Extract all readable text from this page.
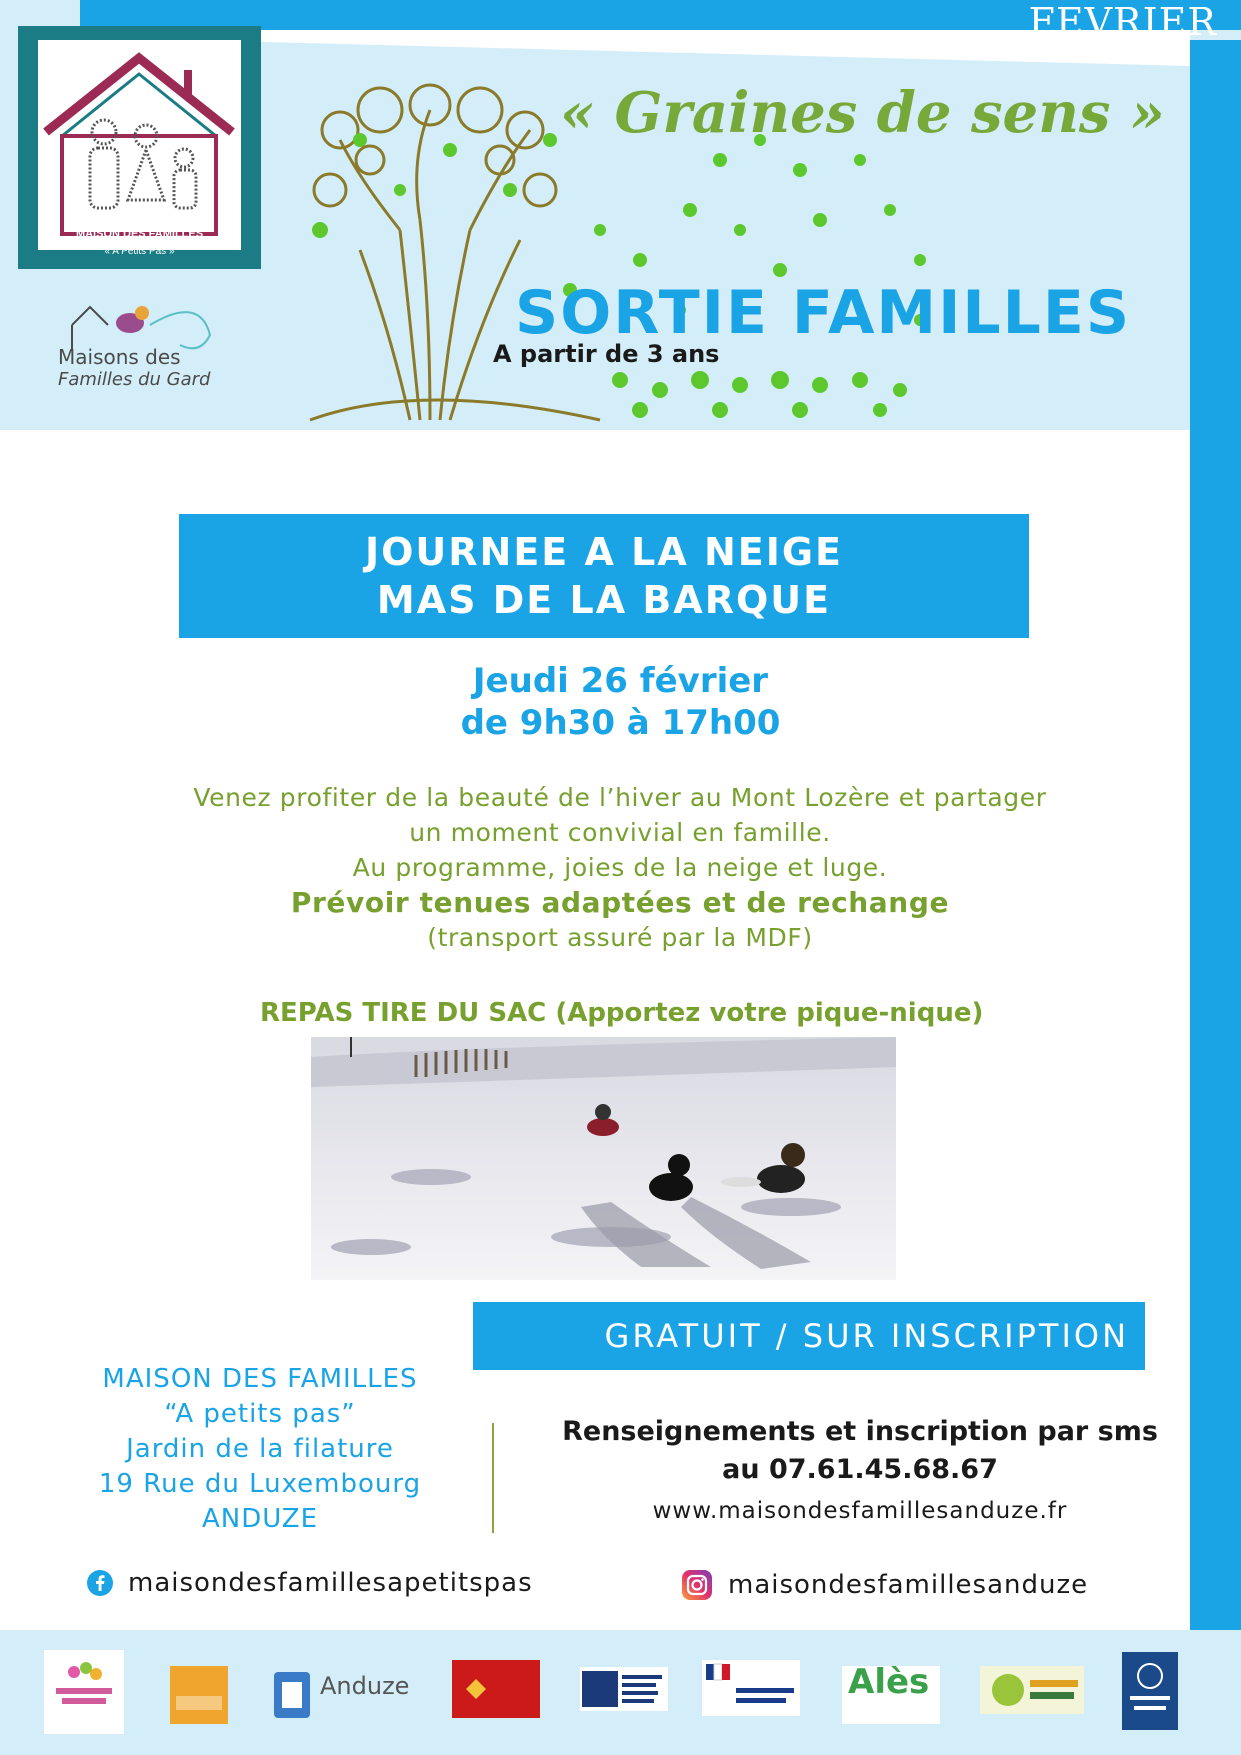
FEVRIER
MAISON DES FAMILLES
« A Petits Pas »
Maisons des
Familles du Gard
« Graines de sens »
SORTIE FAMILLES
A partir de 3 ans
JOURNEE A LA NEIGE
MAS DE LA BARQUE
Jeudi 26 février
de 9h30 à 17h00
Venez profiter de la beauté de l’hiver au Mont Lozère et partager
un moment convivial en famille.
Au programme, joies de la neige et luge.
Prévoir tenues adaptées et de rechange
(transport assuré par la MDF)
REPAS TIRE DU SAC (Apportez votre pique-nique)
GRATUIT / SUR INSCRIPTION
MAISON DES FAMILLES
“A petits pas”
Jardin de la filature
19 Rue du Luxembourg
ANDUZE
Renseignements et inscription par sms
au 07.61.45.68.67
www.maisondesfamillesanduze.fr
maisondesfamillesapetitspas	maisondesfamillesanduze
Anduze	Alès
